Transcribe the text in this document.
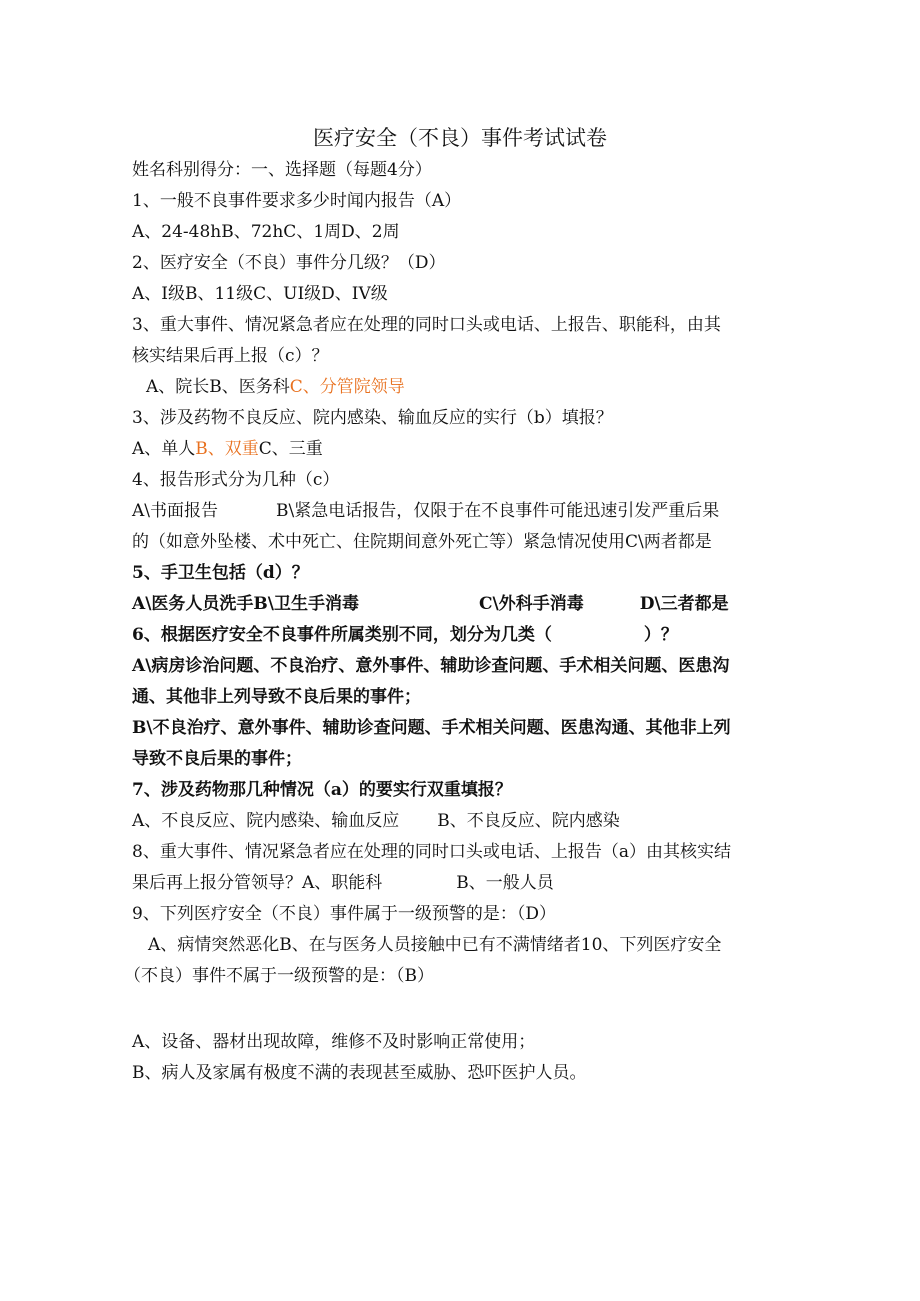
医疗安全（不良）事件考试试卷
姓名科别得分：一、选择题（每题4分）
1、一般不良事件要求多少时闻内报告（A）
A、24-48hB、72hC、1周D、2周
2、医疗安全（不良）事件分几级？（D）
A、I级B、11级C、UI级D、IV级
3、重大事件、情况紧急者应在处理的同时口头或电话、上报告、职能科，由其
核实结果后再上报（c）？
A、院长B、医务科C、分管院领导
3、涉及药物不良反应、院内感染、输血反应的实行（b）填报？
A、单人B、双重C、三重
4、报告形式分为几种（c）
A\书面报告	B\紧急电话报告，仅限于在不良事件可能迅速引发严重后果
的（如意外坠楼、术中死亡、住院期间意外死亡等）紧急情况使用C\两者都是
5、手卫生包括（d）？
A\医务人员洗手B\卫生手消毒	C\外科手消毒	D\三者都是
6、根据医疗安全不良事件所属类别不同，划分为几类（	）？
A\病房诊治问题、不良治疗、意外事件、辅助诊查问题、手术相关问题、医患沟
通、其他非上列导致不良后果的事件；
B\不良治疗、意外事件、辅助诊查问题、手术相关问题、医患沟通、其他非上列
导致不良后果的事件；
7、涉及药物那几种情况（a）的要实行双重填报？
A、不良反应、院内感染、输血反应 B、不良反应、院内感染
8、重大事件、情况紧急者应在处理的同时口头或电话、上报告（a）由其核实结
果后再上报分管领导？A、职能科	B、一般人员
9、下列医疗安全（不良）事件属于一级预警的是：（D）
A、病情突然恶化B、在与医务人员接触中已有不满情绪者10、下列医疗安全
（不良）事件不属于一级预警的是：（B）
A、设备、器材出现故障，维修不及时影响正常使用；
B、病人及家属有极度不满的表现甚至威胁、恐吓医护人员。
